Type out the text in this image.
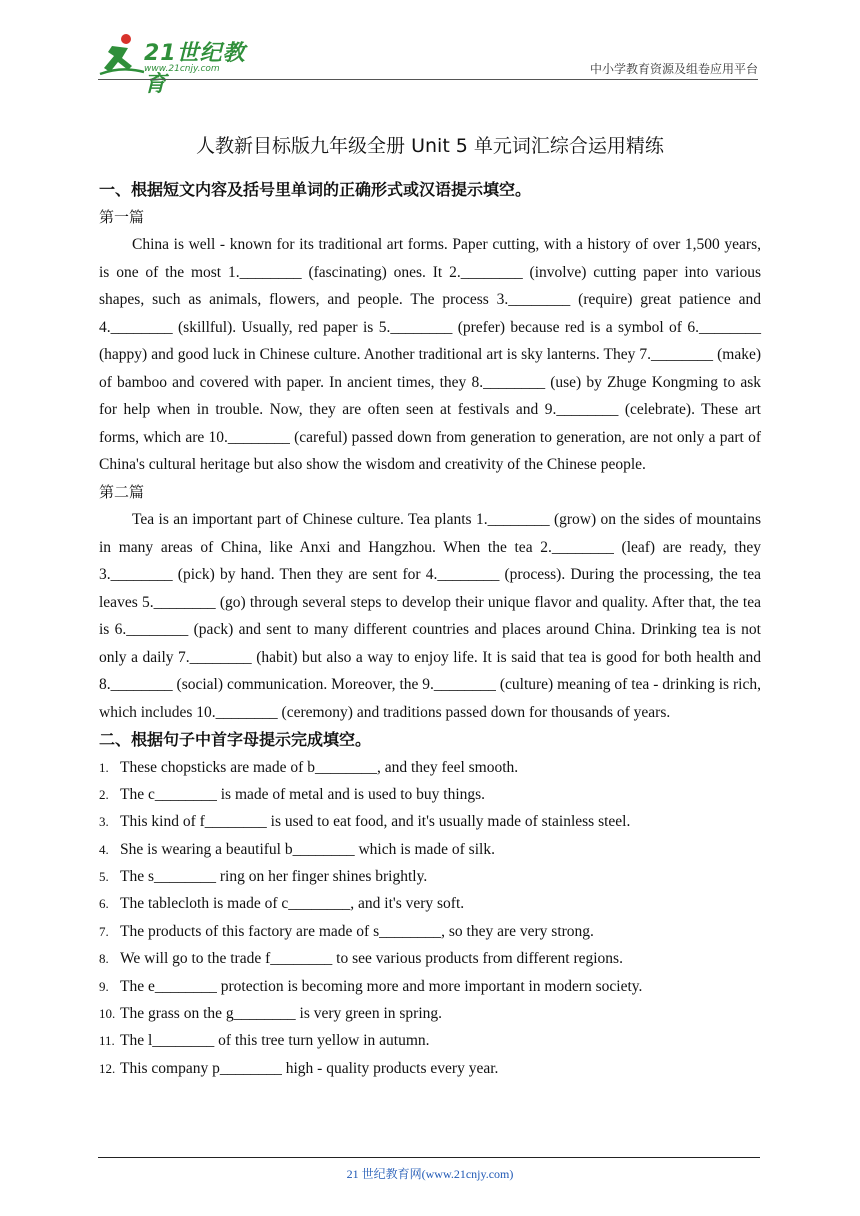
21世纪教育
www.21cnjy.com	中小学教育资源及组卷应用平台
人教新目标版九年级全册 Unit 5 单元词汇综合运用精练
一、根据短文内容及括号里单词的正确形式或汉语提示填空。
第一篇

China is well - known for its traditional art forms. Paper cutting, with a history of over 1,500 years, is one of the most 1.________ (fascinating) ones. It 2.________ (involve) cutting paper into various shapes, such as animals, flowers, and people. The process 3.________ (require) great patience and 4.________ (skillful). Usually, red paper is 5.________ (prefer) because red is a symbol of 6.________ (happy) and good luck in Chinese culture. Another traditional art is sky lanterns. They 7.________ (make) of bamboo and covered with paper. In ancient times, they 8.________ (use) by Zhuge Kongming to ask for help when in trouble. Now, they are often seen at festivals and 9.________ (celebrate). These art forms, which are 10.________ (careful) passed down from generation to generation, are not only a part of China's cultural heritage but also show the wisdom and creativity of the Chinese people.

第二篇

Tea is an important part of Chinese culture. Tea plants 1.________ (grow) on the sides of mountains in many areas of China, like Anxi and Hangzhou. When the tea 2.________ (leaf) are ready, they 3.________ (pick) by hand. Then they are sent for 4.________ (process). During the processing, the tea leaves 5.________ (go) through several steps to develop their unique flavor and quality. After that, the tea is 6.________ (pack) and sent to many different countries and places around China. Drinking tea is not only a daily 7.________ (habit) but also a way to enjoy life. It is said that tea is good for both health and 8.________ (social) communication. Moreover, the 9.________ (culture) meaning of tea - drinking is rich, which includes 10.________ (ceremony) and traditions passed down for thousands of years.

二、根据句子中首字母提示完成填空。
1. These chopsticks are made of b________, and they feel smooth.
2. The c________ is made of metal and is used to buy things.
3. This kind of f________ is used to eat food, and it's usually made of stainless steel.
4. She is wearing a beautiful b________ which is made of silk.
5. The s________ ring on her finger shines brightly.
6. The tablecloth is made of c________, and it's very soft.
7. The products of this factory are made of s________, so they are very strong.
8. We will go to the trade f________ to see various products from different regions.
9. The e________ protection is becoming more and more important in modern society.
10. The grass on the g________ is very green in spring.
11. The l________ of this tree turn yellow in autumn.
12. This company p________ high - quality products every year.
21 世纪教育网(www.21cnjy.com)
